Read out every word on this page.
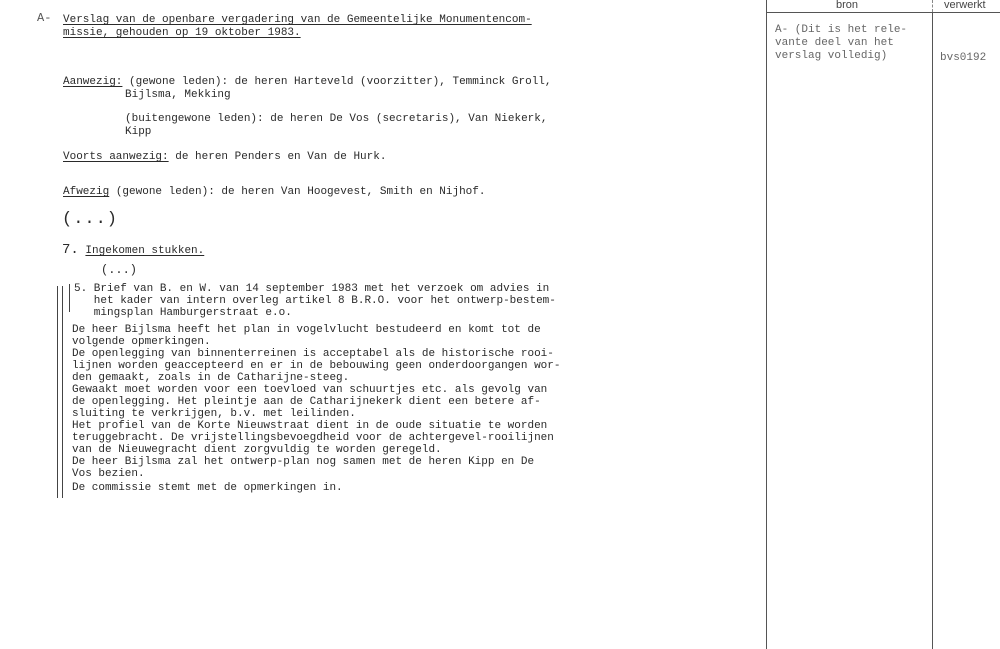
A- Verslag van de openbare vergadering van de Gemeentelijke Monumentencom-
missie, gehouden op 19 oktober 1983.
Aanwezig: (gewone leden): de heren Harteveld (voorzitter), Temminck Groll,
Bijlsma, Mekking
(buitengewone leden): de heren De Vos (secretaris), Van Niekerk,
Kipp
Voorts aanwezig: de heren Penders en Van de Hurk.
Afwezig (gewone leden): de heren Van Hoogevest, Smith en Nijhof.
(...)
7. Ingekomen stukken.
(...)
5. Brief van B. en W. van 14 september 1983 met het verzoek om advies in
het kader van intern overleg artikel 8 B.R.O. voor het ontwerp-bestem-
mingsplan Hamburgerstraat e.o.
De heer Bijlsma heeft het plan in vogelvlucht bestudeerd en komt tot de
volgende opmerkingen.
De openlegging van binnenterreinen is acceptabel als de historische rooi-
lijnen worden geaccepteerd en er in de bebouwing geen onderdoorgangen wor-
den gemaakt, zoals in de Catharijne-steeg.
Gewaakt moet worden voor een toevloed van schuurtjes etc. als gevolg van
de openlegging. Het pleintje aan de Catharijnekerk dient een betere af-
sluiting te verkrijgen, b.v. met leilinden.
Het profiel van de Korte Nieuwstraat dient in de oude situatie te worden
teruggebracht. De vrijstellingsbevoegdheid voor de achtergevel-rooilijnen
van de Nieuwegracht dient zorgvuldig te worden geregeld.
De heer Bijlsma zal het ontwerp-plan nog samen met de heren Kipp en De
Vos bezien.
De commissie stemt met de opmerkingen in.
bron	verwerkt
A- (Dit is het rele-
vante deel van het
verslag volledig)	bvs0192
